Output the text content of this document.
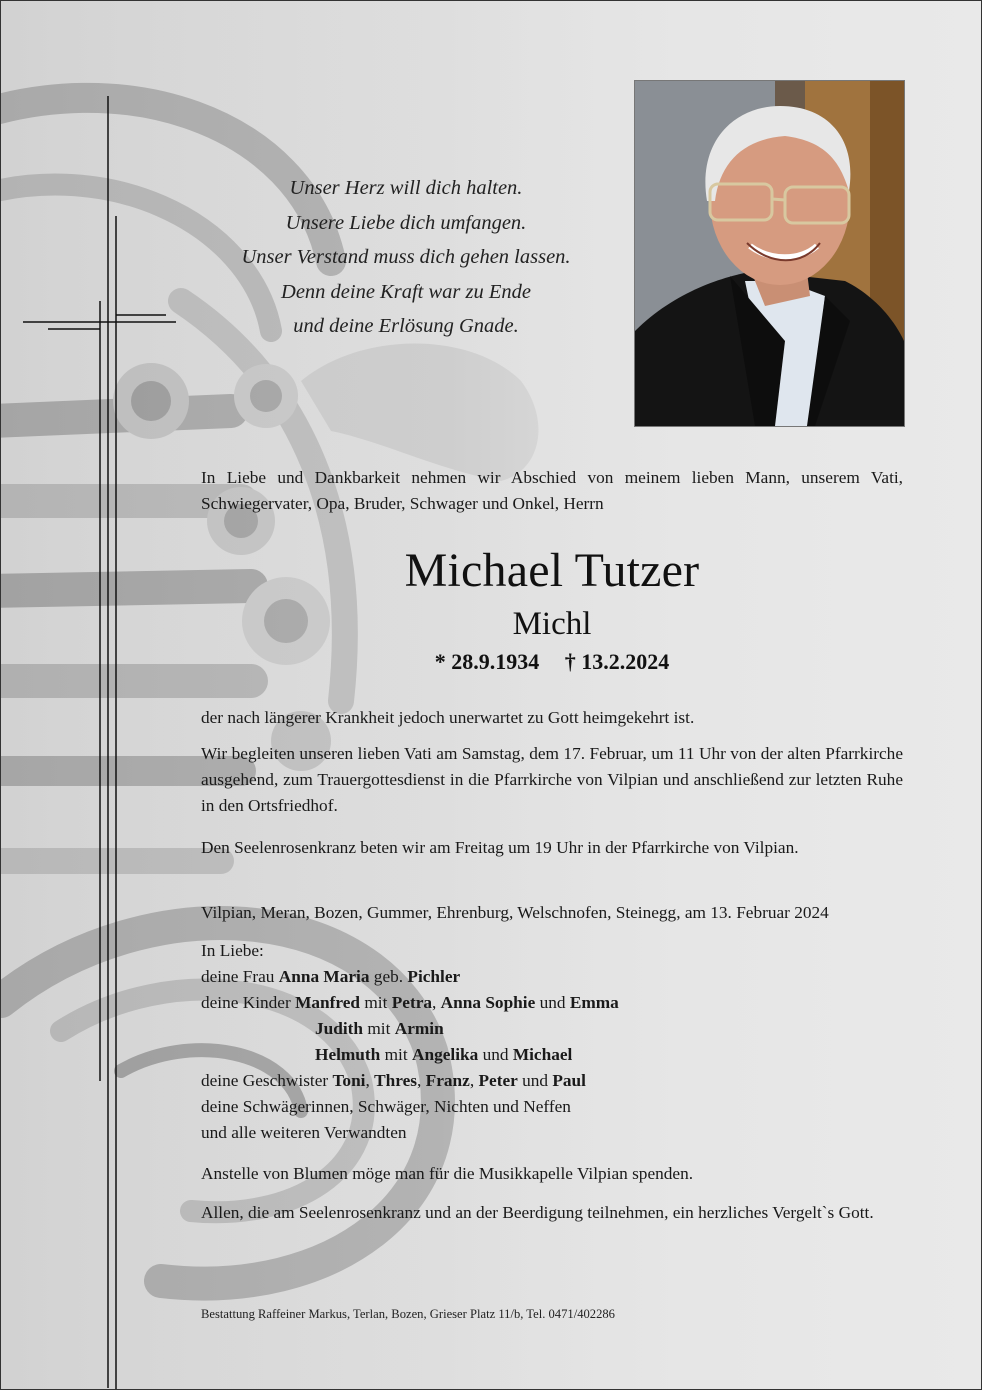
Unser Herz will dich halten.
Unsere Liebe dich umfangen.
Unser Verstand muss dich gehen lassen.
Denn deine Kraft war zu Ende
und deine Erlösung Gnade.
In Liebe und Dankbarkeit nehmen wir Abschied von meinem lieben Mann, unserem Vati, Schwiegervater, Opa, Bruder, Schwager und Onkel, Herrn
Michael Tutzer
Michl
* 28.9.1934 † 13.2.2024
der nach längerer Krankheit jedoch unerwartet zu Gott heimgekehrt ist.
Wir begleiten unseren lieben Vati am Samstag, dem 17. Februar, um 11 Uhr von der alten Pfarrkirche ausgehend, zum Trauergottesdienst in die Pfarrkirche von Vilpian und anschließend zur letzten Ruhe in den Ortsfriedhof.
Den Seelenrosenkranz beten wir am Freitag um 19 Uhr in der Pfarrkirche von Vilpian.
Vilpian, Meran, Bozen, Gummer, Ehrenburg, Welschnofen, Steinegg, am 13. Februar 2024
In Liebe:
deine Frau Anna Maria geb. Pichler
deine Kinder Manfred mit Petra, Anna Sophie und Emma
Judith mit Armin
Helmuth mit Angelika und Michael
deine Geschwister Toni, Thres, Franz, Peter und Paul
deine Schwägerinnen, Schwäger, Nichten und Neffen
und alle weiteren Verwandten
Anstelle von Blumen möge man für die Musikkapelle Vilpian spenden.
Allen, die am Seelenrosenkranz und an der Beerdigung teilnehmen, ein herzliches Vergelt`s Gott.
Bestattung Raffeiner Markus, Terlan, Bozen, Grieser Platz 11/b, Tel. 0471/402286
